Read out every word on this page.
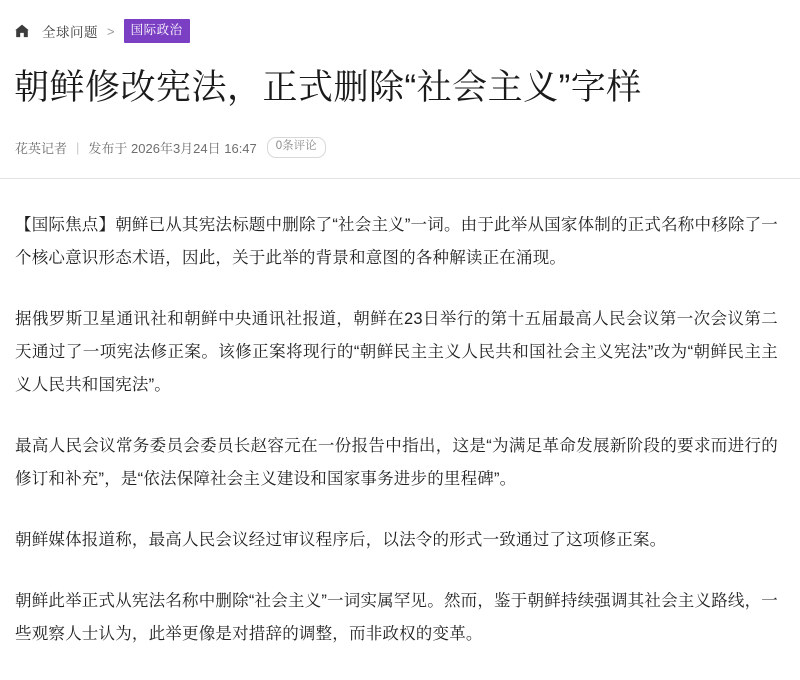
全球问题 >	国际政治
朝鲜修改宪法，正式删除“社会主义”字样
花英记者 | 发布于 2026年3月24日 16:47	0条评论

【国际焦点】朝鲜已从其宪法标题中删除了“社会主义”一词。由于此举从国家体制的正式名称中移除了一个核心意识形态术语，因此，关于此举的背景和意图的各种解读正在涌现。

据俄罗斯卫星通讯社和朝鲜中央通讯社报道，朝鲜在23日举行的第十五届最高人民会议第一次会议第二天通过了一项宪法修正案。该修正案将现行的“朝鲜民主主义人民共和国社会主义宪法”改为“朝鲜民主主义人民共和国宪法”。

最高人民会议常务委员会委员长赵容元在一份报告中指出，这是“为满足革命发展新阶段的要求而进行的修订和补充”，是“依法保障社会主义建设和国家事务进步的里程碑”。

朝鲜媒体报道称，最高人民会议经过审议程序后，以法令的形式一致通过了这项修正案。

朝鲜此举正式从宪法名称中删除“社会主义”一词实属罕见。然而，鉴于朝鲜持续强调其社会主义路线，一些观察人士认为，此举更像是对措辞的调整，而非政权的变革。
